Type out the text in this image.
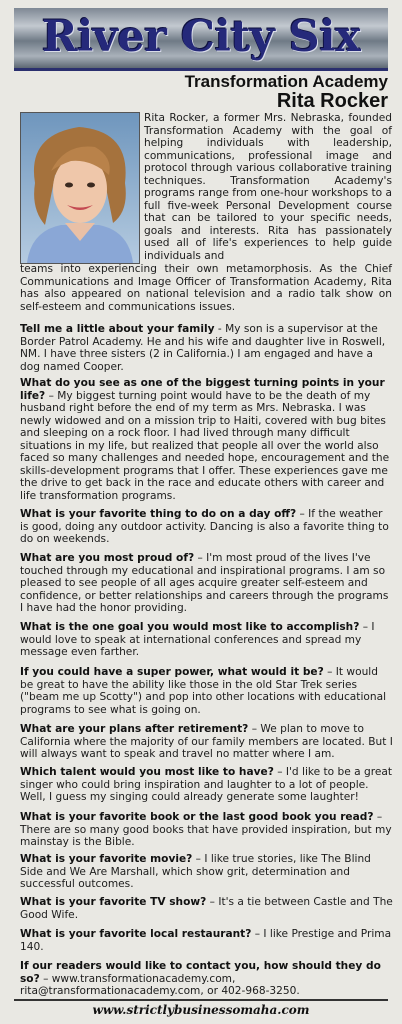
River City Six
Transformation Academy
Rita Rocker

Rita Rocker, a former Mrs. Nebraska, founded Transformation Academy with the goal of helping individuals with leadership, communications, professional image and protocol through various collaborative training techniques. Transformation Academy's programs range from one-hour workshops to a full five-week Personal Development course that can be tailored to your specific needs, goals and interests. Rita has passionately used all of life's experiences to help guide individuals and

teams into experiencing their own metamorphosis. As the Chief Communications and Image Officer of Transformation Academy, Rita has also appeared on national television and a radio talk show on self-esteem and communications issues.

Tell me a little about your family - My son is a supervisor at the Border Patrol Academy. He and his wife and daughter live in Roswell, NM. I have three sisters (2 in California.) I am engaged and have a dog named Cooper.

What do you see as one of the biggest turning points in your life? – My biggest turning point would have to be the death of my husband right before the end of my term as Mrs. Nebraska. I was newly widowed and on a mission trip to Haiti, covered with bug bites and sleeping on a rock floor. I had lived through many difficult situations in my life, but realized that people all over the world also faced so many challenges and needed hope, encouragement and the skills-development programs that I offer. These experiences gave me the drive to get back in the race and educate others with career and life transformation programs.

What is your favorite thing to do on a day off? – If the weather is good, doing any outdoor activity. Dancing is also a favorite thing to do on weekends.

What are you most proud of? – I'm most proud of the lives I've touched through my educational and inspirational programs. I am so pleased to see people of all ages acquire greater self-esteem and confidence, or better relationships and careers through the programs I have had the honor providing.

What is the one goal you would most like to accomplish? – I would love to speak at international conferences and spread my message even farther.

If you could have a super power, what would it be? – It would be great to have the ability like those in the old Star Trek series ("beam me up Scotty") and pop into other locations with educational programs to see what is going on.

What are your plans after retirement? – We plan to move to California where the majority of our family members are located. But I will always want to speak and travel no matter where I am.

Which talent would you most like to have? – I'd like to be a great singer who could bring inspiration and laughter to a lot of people. Well, I guess my singing could already generate some laughter!

What is your favorite book or the last good book you read? – There are so many good books that have provided inspiration, but my mainstay is the Bible.

What is your favorite movie? – I like true stories, like The Blind Side and We Are Marshall, which show grit, determination and successful outcomes.

What is your favorite TV show? – It's a tie between Castle and The Good Wife.

What is your favorite local restaurant? – I like Prestige and Prima 140.

If our readers would like to contact you, how should they do so? – www.transformationacademy.com, rita@transformationacademy.com, or 402-968-3250.

www.strictlybusinessomaha.com
